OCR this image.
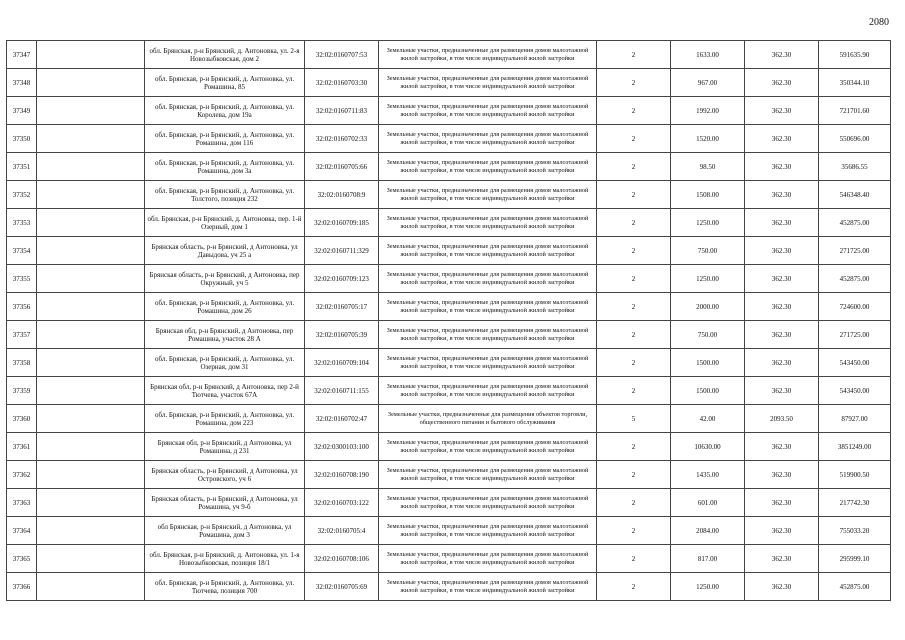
2080
37347		обл. Брянская, р-н Брянский, д. Антоновка, ул. 2-я Новозыбковская, дом 2	32:02:0160707:53	Земельные участки, предназначенные для размещения домов малоэтажной жилой застройки, в том числе индивидуальной жилой застройки	2	1633.00	362.30	591635.90
37348		обл. Брянская, р-н Брянский, д. Антоновка, ул. Ромашина, 85	32:02:0160703:30	Земельные участки, предназначенные для размещения домов малоэтажной жилой застройки, в том числе индивидуальной жилой застройки	2	967.00	362.30	350344.10
37349		обл. Брянская, р-н Брянский, д. Антоновка, ул. Королева, дом 19а	32:02:0160711:83	Земельные участки, предназначенные для размещения домов малоэтажной жилой застройки, в том числе индивидуальной жилой застройки	2	1992.00	362.30	721701.60
37350		обл. Брянская, р-н Брянский, д. Антоновка, ул. Ромашина, дом 116	32:02:0160702:33	Земельные участки, предназначенные для размещения домов малоэтажной жилой застройки, в том числе индивидуальной жилой застройки	2	1520.00	362.30	550696.00
37351		обл. Брянская, р-н Брянский, д. Антоновка, ул. Ромашина, дом 3а	32:02:0160705:66	Земельные участки, предназначенные для размещения домов малоэтажной жилой застройки, в том числе индивидуальной жилой застройки	2	98.50	362.30	35686.55
37352		обл. Брянская, р-н Брянский, д. Антоновка, ул. Толстого, позиция 232	32:02:0160708:9	Земельные участки, предназначенные для размещения домов малоэтажной жилой застройки, в том числе индивидуальной жилой застройки	2	1508.00	362.30	546348.40
37353		обл. Брянская, р-н Брянский, д. Антоновка, пер. 1-й Озерный, дом 1	32:02:0160709:185	Земельные участки, предназначенные для размещения домов малоэтажной жилой застройки, в том числе индивидуальной жилой застройки	2	1250.00	362.30	452875.00
37354		Брянская область, р-н Брянский, д Антоновка, ул Давыдова, уч 25 а	32:02:0160711:329	Земельные участки, предназначенные для размещения домов малоэтажной жилой застройки, в том числе индивидуальной жилой застройки	2	750.00	362.30	271725.00
37355		Брянская область, р-н Брянский, д Антоновка, пер Окружный, уч 5	32:02:0160709:123	Земельные участки, предназначенные для размещения домов малоэтажной жилой застройки, в том числе индивидуальной жилой застройки	2	1250.00	362.30	452875.00
37356		обл. Брянская, р-н Брянский, д. Антоновка, ул. Ромашина, дом 26	32:02:0160705:17	Земельные участки, предназначенные для размещения домов малоэтажной жилой застройки, в том числе индивидуальной жилой застройки	2	2000.00	362.30	724600.00
37357		Брянская обл, р-н Брянский, д Антоновка, пер Ромашина, участок 28 А	32:02:0160705:39	Земельные участки, предназначенные для размещения домов малоэтажной жилой застройки, в том числе индивидуальной жилой застройки	2	750.00	362.30	271725.00
37358		обл. Брянская, р-н Брянский, д. Антоновка, ул. Озерная, дом 31	32:02:0160709:104	Земельные участки, предназначенные для размещения домов малоэтажной жилой застройки, в том числе индивидуальной жилой застройки	2	1500.00	362.30	543450.00
37359		Брянская обл, р-н Брянский, д Антоновка, пер 2-й Тютчева, участок 67А	32:02:0160711:155	Земельные участки, предназначенные для размещения домов малоэтажной жилой застройки, в том числе индивидуальной жилой застройки	2	1500.00	362.30	543450.00
37360		обл. Брянская, р-н Брянский, д. Антоновка, ул. Ромашина, дом 223	32:02:0160702:47	Земельные участки, предназначенные для размещения объектов торговли, общественного питания и бытового обслуживания	5	42.00	2093.50	87927.00
37361		Брянская обл, р-н Брянский, д Антоновка, ул Ромашина, д 231	32:02:0300103:100	Земельные участки, предназначенные для размещения домов малоэтажной жилой застройки, в том числе индивидуальной жилой застройки	2	10630.00	362.30	3851249.00
37362		Брянская область, р-н Брянский, д Антоновка, ул Островского, уч 6	32:02:0160708:190	Земельные участки, предназначенные для размещения домов малоэтажной жилой застройки, в том числе индивидуальной жилой застройки	2	1435.00	362.30	519900.50
37363		Брянская область, р-н Брянский, д Антоновка, ул Ромашина, уч 9-б	32:02:0160703:122	Земельные участки, предназначенные для размещения домов малоэтажной жилой застройки, в том числе индивидуальной жилой застройки	2	601.00	362.30	217742.30
37364		обл Брянская, р-н Брянский, д Антоновка, ул Ромашина, дом 3	32:02:0160705:4	Земельные участки, предназначенные для размещения домов малоэтажной жилой застройки, в том числе индивидуальной жилой застройки	2	2084.00	362.30	755033.20
37365		обл. Брянская, р-н Брянский, д. Антоновка, ул. 1-я Новозыбковская, позиция 18/1	32:02:0160708:106	Земельные участки, предназначенные для размещения домов малоэтажной жилой застройки, в том числе индивидуальной жилой застройки	2	817.00	362.30	295999.10
37366		обл. Брянская, р-н Брянский, д. Антоновка, ул. Тютчева, позиция 700	32:02:0160705:69	Земельные участки, предназначенные для размещения домов малоэтажной жилой застройки, в том числе индивидуальной жилой застройки	2	1250.00	362.30	452875.00
